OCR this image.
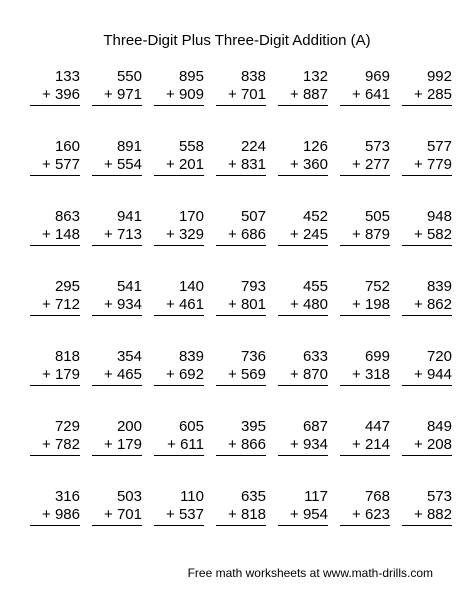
Three-Digit Plus Three-Digit Addition (A)
133
+ 396
550
+ 971
895
+ 909
838
+ 701
132
+ 887
969
+ 641
992
+ 285
160
+ 577
891
+ 554
558
+ 201
224
+ 831
126
+ 360
573
+ 277
577
+ 779
863
+ 148
941
+ 713
170
+ 329
507
+ 686
452
+ 245
505
+ 879
948
+ 582
295
+ 712
541
+ 934
140
+ 461
793
+ 801
455
+ 480
752
+ 198
839
+ 862
818
+ 179
354
+ 465
839
+ 692
736
+ 569
633
+ 870
699
+ 318
720
+ 944
729
+ 782
200
+ 179
605
+ 611
395
+ 866
687
+ 934
447
+ 214
849
+ 208
316
+ 986
503
+ 701
110
+ 537
635
+ 818
117
+ 954
768
+ 623
573
+ 882
Free math worksheets at www.math-drills.com
